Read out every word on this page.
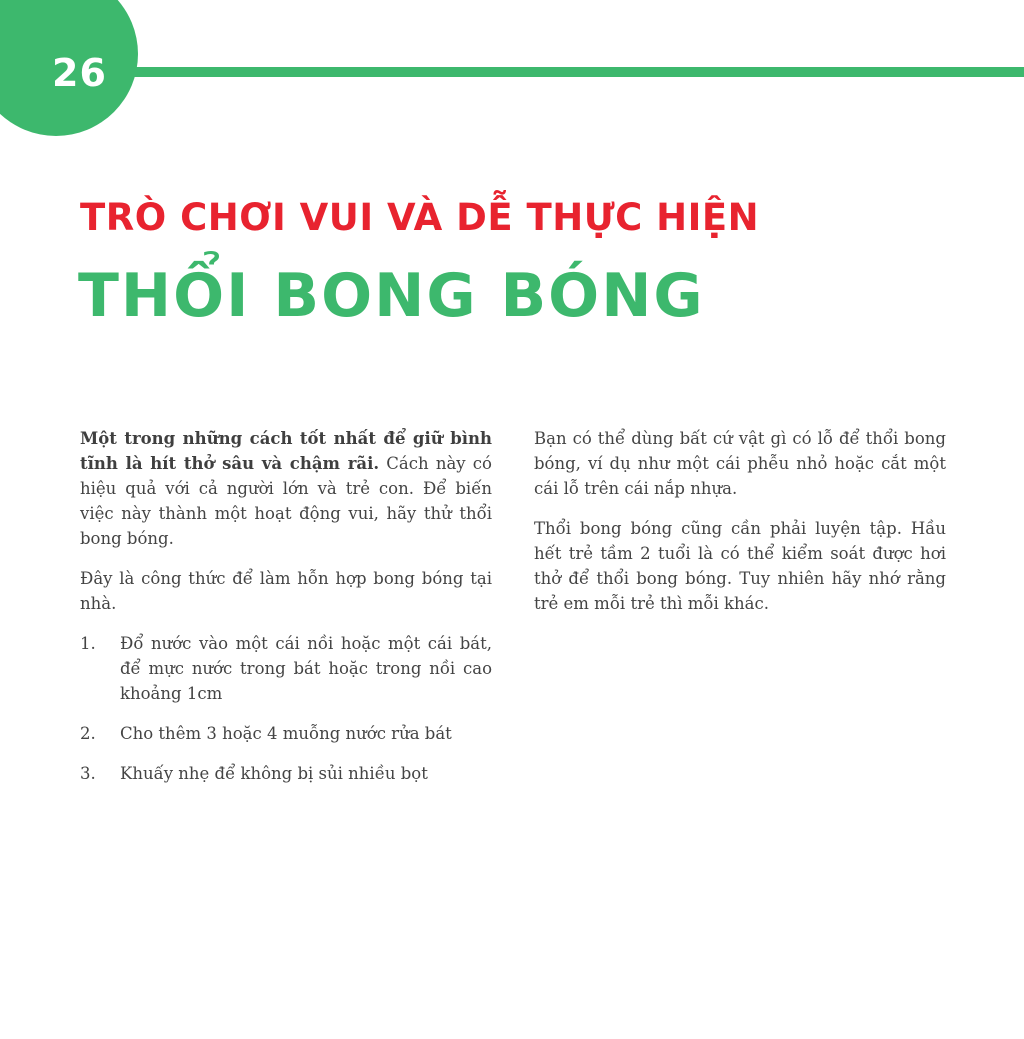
26
TRÒ CHƠI VUI VÀ DỄ THỰC HIỆN
THỔI BONG BÓNG

Một trong những cách tốt nhất để giữ bình tĩnh là hít thở sâu và chậm rãi. Cách này có hiệu quả với cả người lớn và trẻ con. Để biến việc này thành một hoạt động vui, hãy thử thổi bong bóng.

Đây là công thức để làm hỗn hợp bong bóng tại nhà.

1.	Đổ nước vào một cái nồi hoặc một cái bát, để mực nước trong bát hoặc trong nồi cao khoảng 1cm
2.	Cho thêm 3 hoặc 4 muỗng nước rửa bát
3.	Khuấy nhẹ để không bị sủi nhiều bọt

Bạn có thể dùng bất cứ vật gì có lỗ để thổi bong bóng, ví dụ như một cái phễu nhỏ hoặc cắt một cái lỗ trên cái nắp nhựa.

Thổi bong bóng cũng cần phải luyện tập. Hầu hết trẻ tầm 2 tuổi là có thể kiểm soát được hơi thở để thổi bong bóng. Tuy nhiên hãy nhớ rằng trẻ em mỗi trẻ thì mỗi khác.
